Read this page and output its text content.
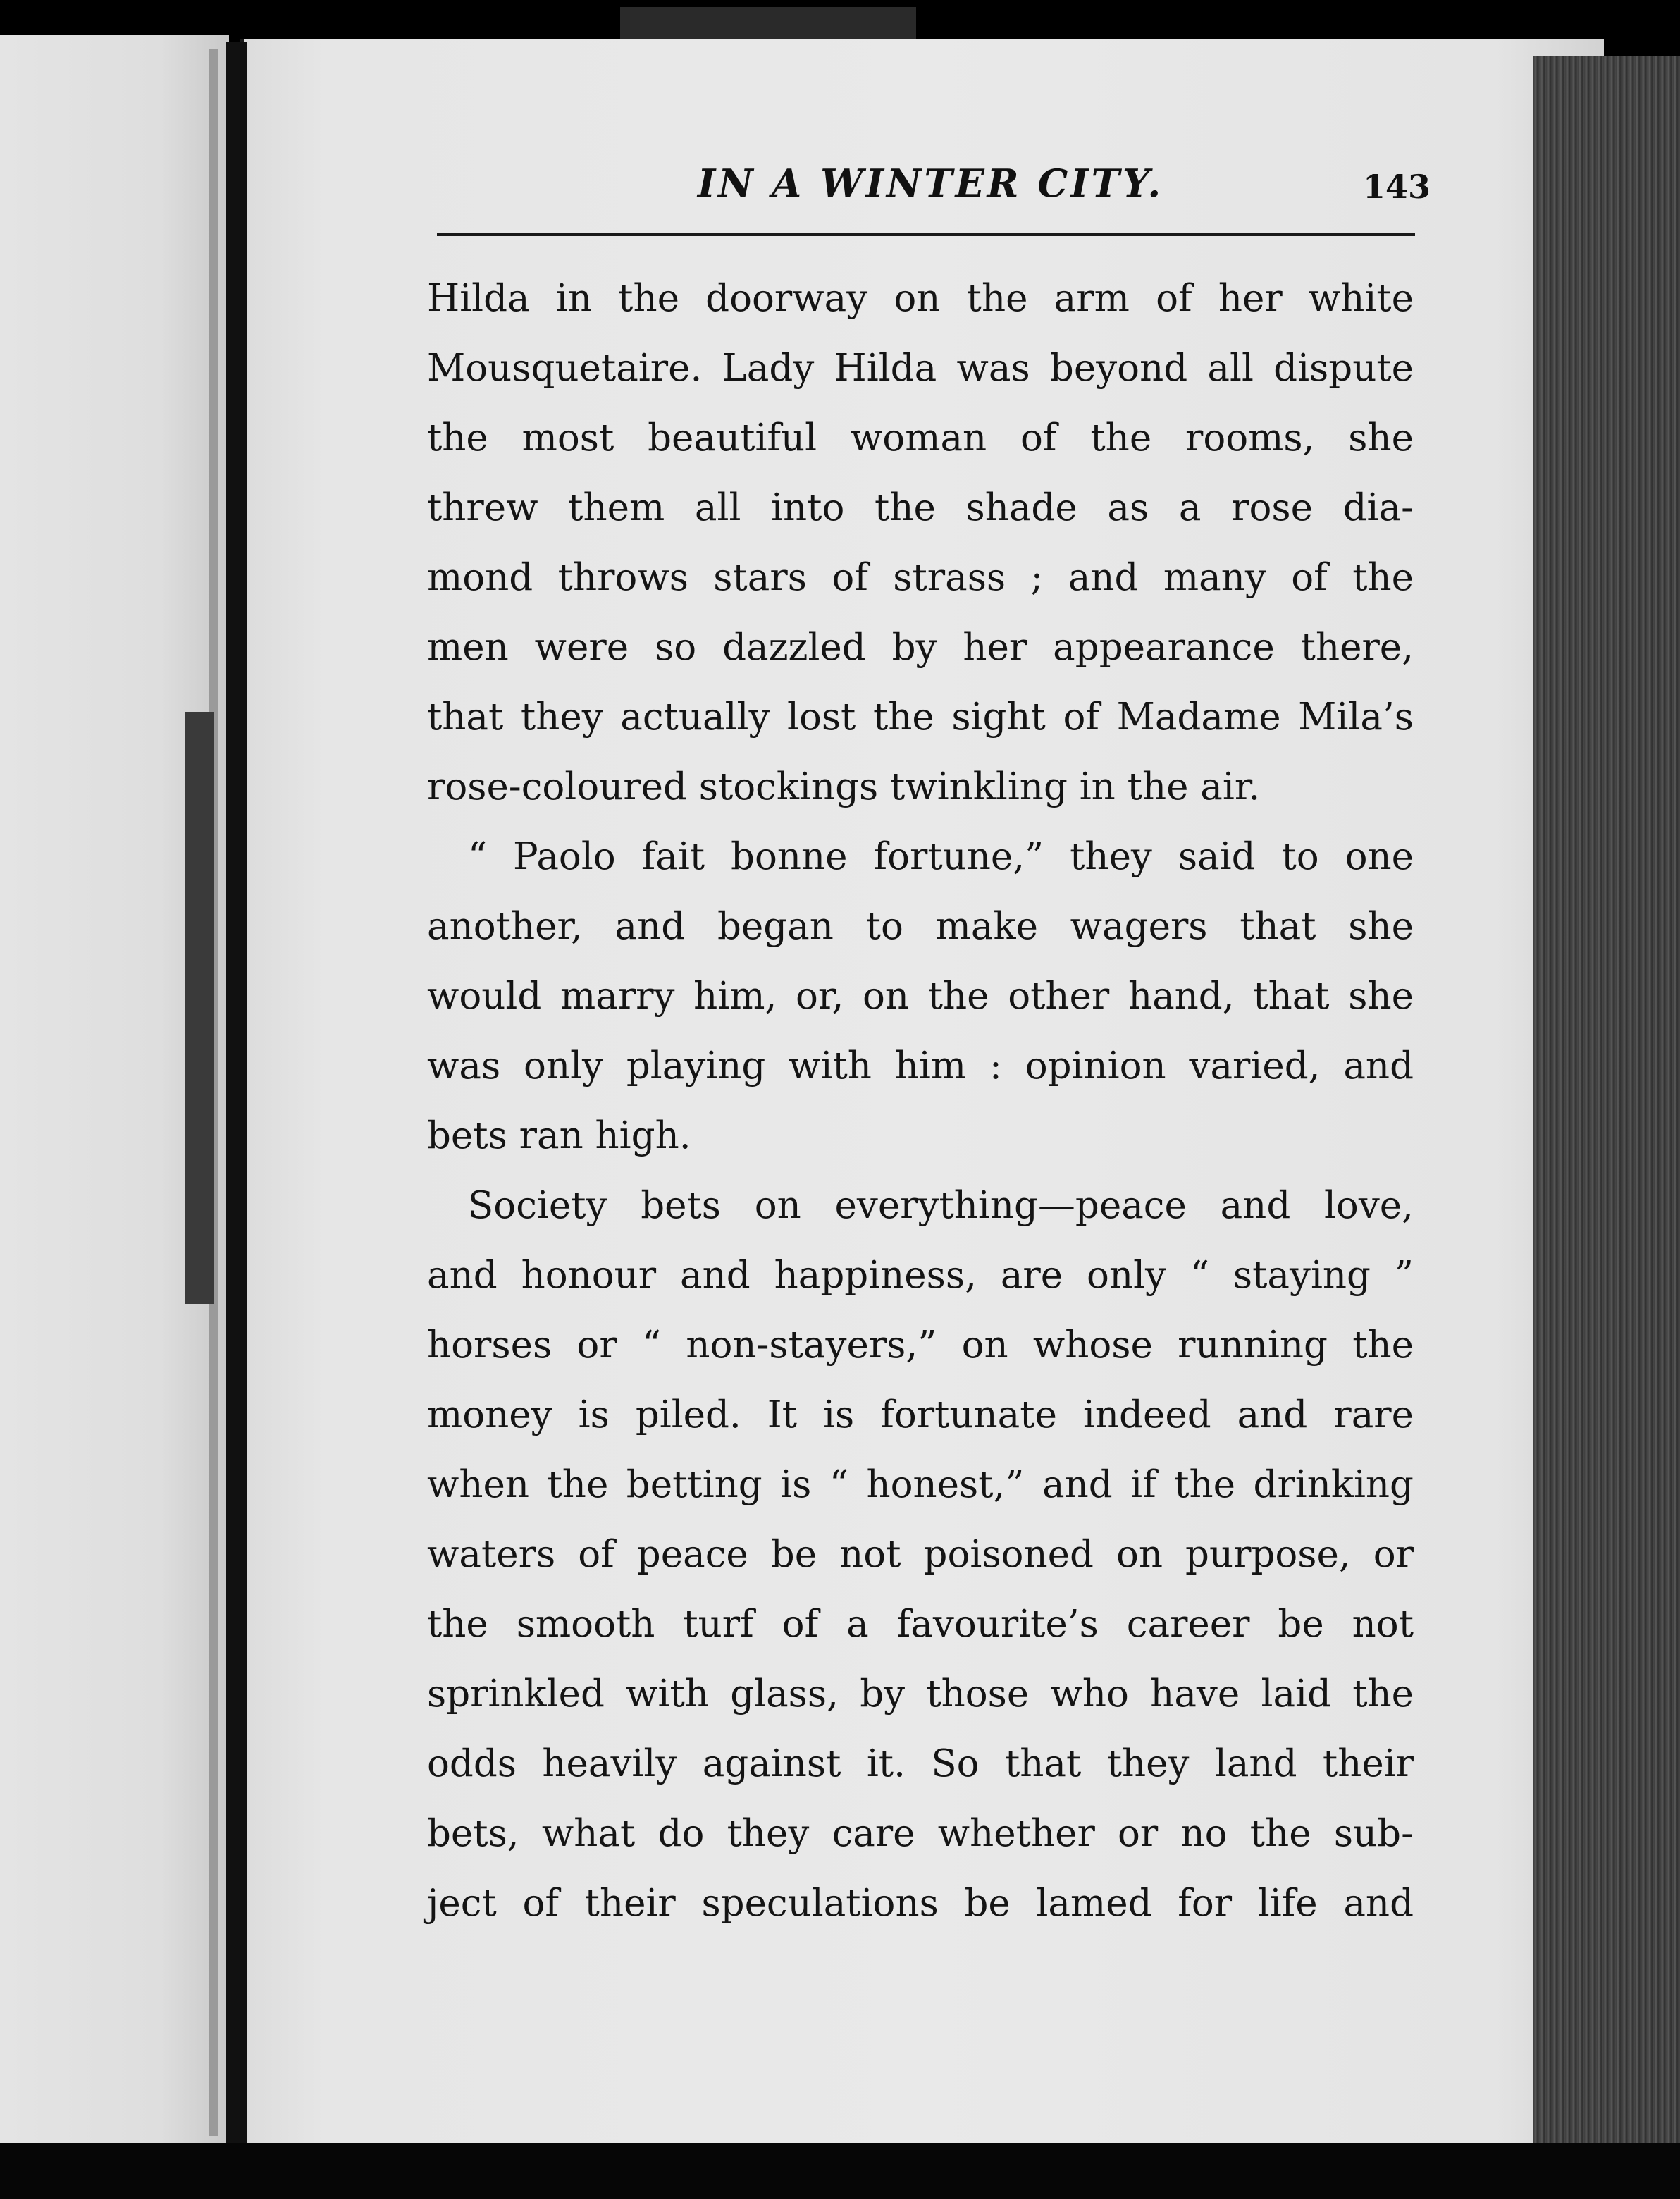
IN A WINTER CITY.	143
Hilda in the doorway on the arm of her white
Mousquetaire. Lady Hilda was beyond all dispute
the most beautiful woman of the rooms, she
threw them all into the shade as a rose dia-
mond throws stars of strass ; and many of the
men were so dazzled by her appearance there,
that they actually lost the sight of Madame Mila’s
rose-coloured stockings twinkling in the air.
“ Paolo fait bonne fortune,” they said to one
another, and began to make wagers that she
would marry him, or, on the other hand, that she
was only playing with him : opinion varied, and
bets ran high.
Society bets on everything—peace and love,
and honour and happiness, are only “ staying ”
horses or “ non-stayers,” on whose running the
money is piled. It is fortunate indeed and rare
when the betting is “ honest,” and if the drinking
waters of peace be not poisoned on purpose, or
the smooth turf of a favourite’s career be not
sprinkled with glass, by those who have laid the
odds heavily against it. So that they land their
bets, what do they care whether or no the sub-
ject of their speculations be lamed for life and
